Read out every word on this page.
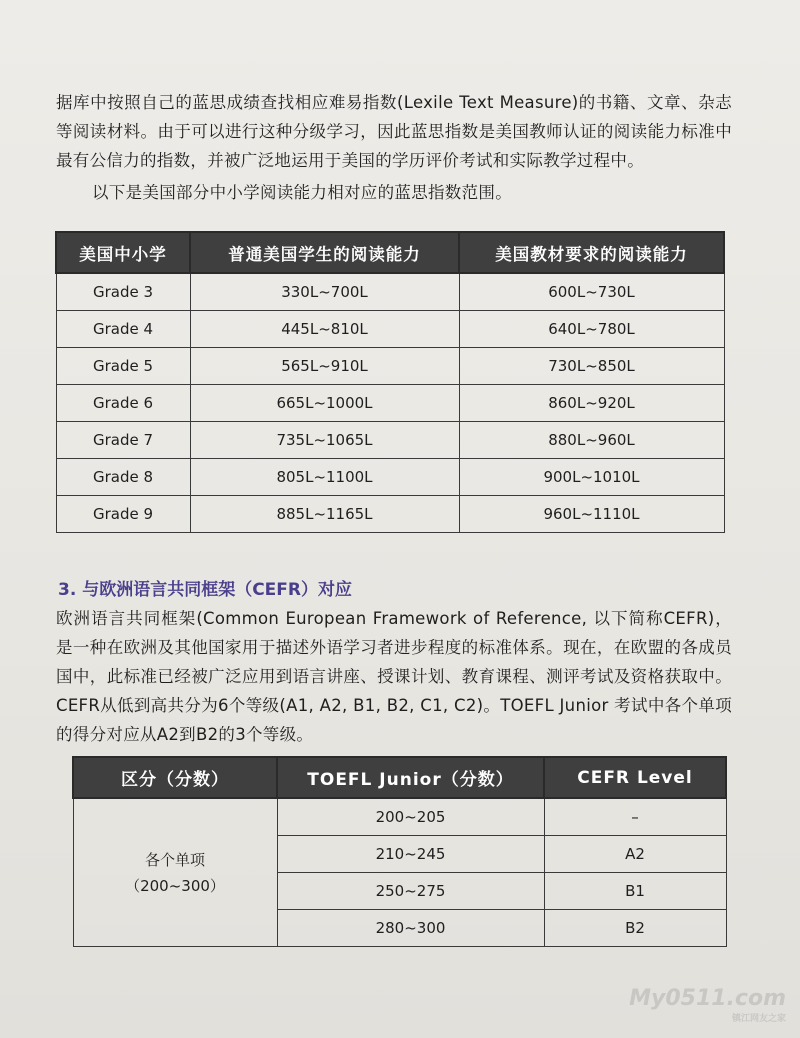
据库中按照自己的蓝思成绩查找相应难易指数(Lexile Text Measure)的书籍、文章、杂志等阅读材料。由于可以进行这种分级学习，因此蓝思指数是美国教师认证的阅读能力标准中最有公信力的指数，并被广泛地运用于美国的学历评价考试和实际教学过程中。

以下是美国部分中小学阅读能力相对应的蓝思指数范围。

美国中小学	普通美国学生的阅读能力	美国教材要求的阅读能力
Grade 3	330L~700L	600L~730L
Grade 4	445L~810L	640L~780L
Grade 5	565L~910L	730L~850L
Grade 6	665L~1000L	860L~920L
Grade 7	735L~1065L	880L~960L
Grade 8	805L~1100L	900L~1010L
Grade 9	885L~1165L	960L~1110L
3. 与欧洲语言共同框架（CEFR）对应

欧洲语言共同框架(Common European Framework of Reference, 以下简称CEFR)，是一种在欧洲及其他国家用于描述外语学习者进步程度的标准体系。现在，在欧盟的各成员国中，此标准已经被广泛应用到语言讲座、授课计划、教育课程、测评考试及资格获取中。CEFR从低到高共分为6个等级(A1, A2, B1, B2, C1, C2)。TOEFL Junior 考试中各个单项的得分对应从A2到B2的3个等级。

区分（分数）	TOEFL Junior（分数）	CEFR Level
各个单项
（200~300）	200~205	–
	210~245	A2
	250~275	B1
	280~300	B2
My0511.com
镇江网友之家
